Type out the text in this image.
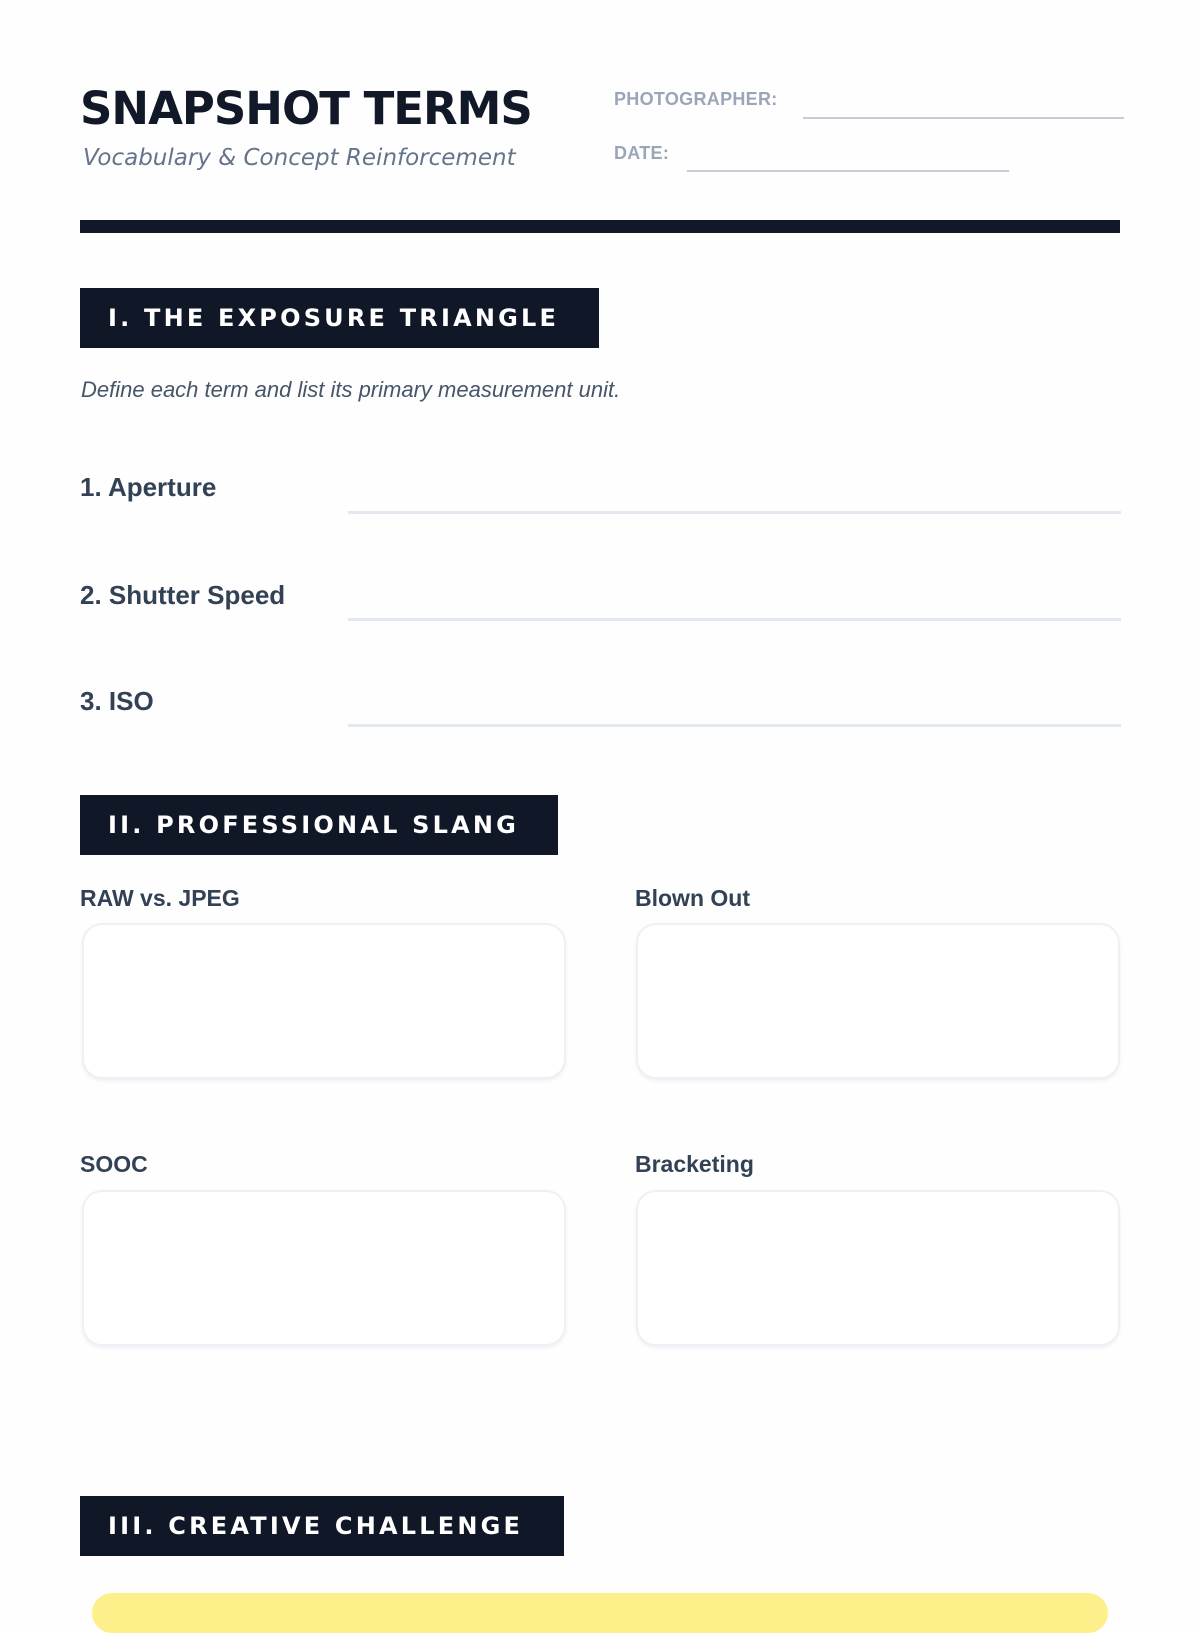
SNAPSHOT TERMS
Vocabulary & Concept Reinforcement
PHOTOGRAPHER:
DATE:
I. THE EXPOSURE TRIANGLE
Define each term and list its primary measurement unit.
1. Aperture
2. Shutter Speed
3. ISO
II. PROFESSIONAL SLANG
RAW vs. JPEG	Blown Out
SOOC	Bracketing
III. CREATIVE CHALLENGE
